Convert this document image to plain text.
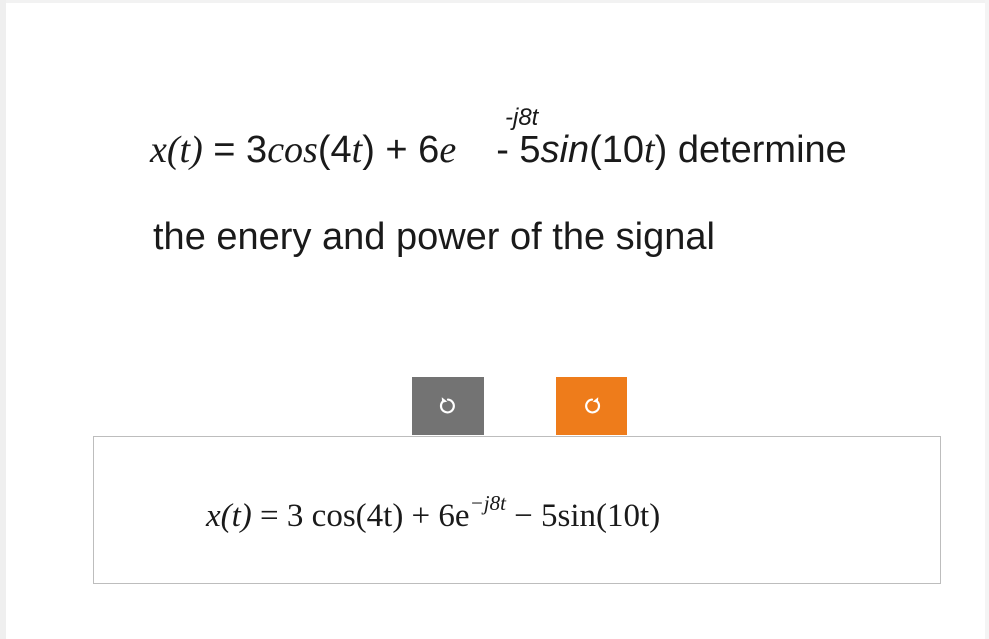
x(t) = 3cos(4t) + 6e - 5sin(10t) determine
-j8t
the enery and power of the signal
x(t) = 3 $\cos(4t) + 6e^{-j8t} - 5\sin(10t)$
